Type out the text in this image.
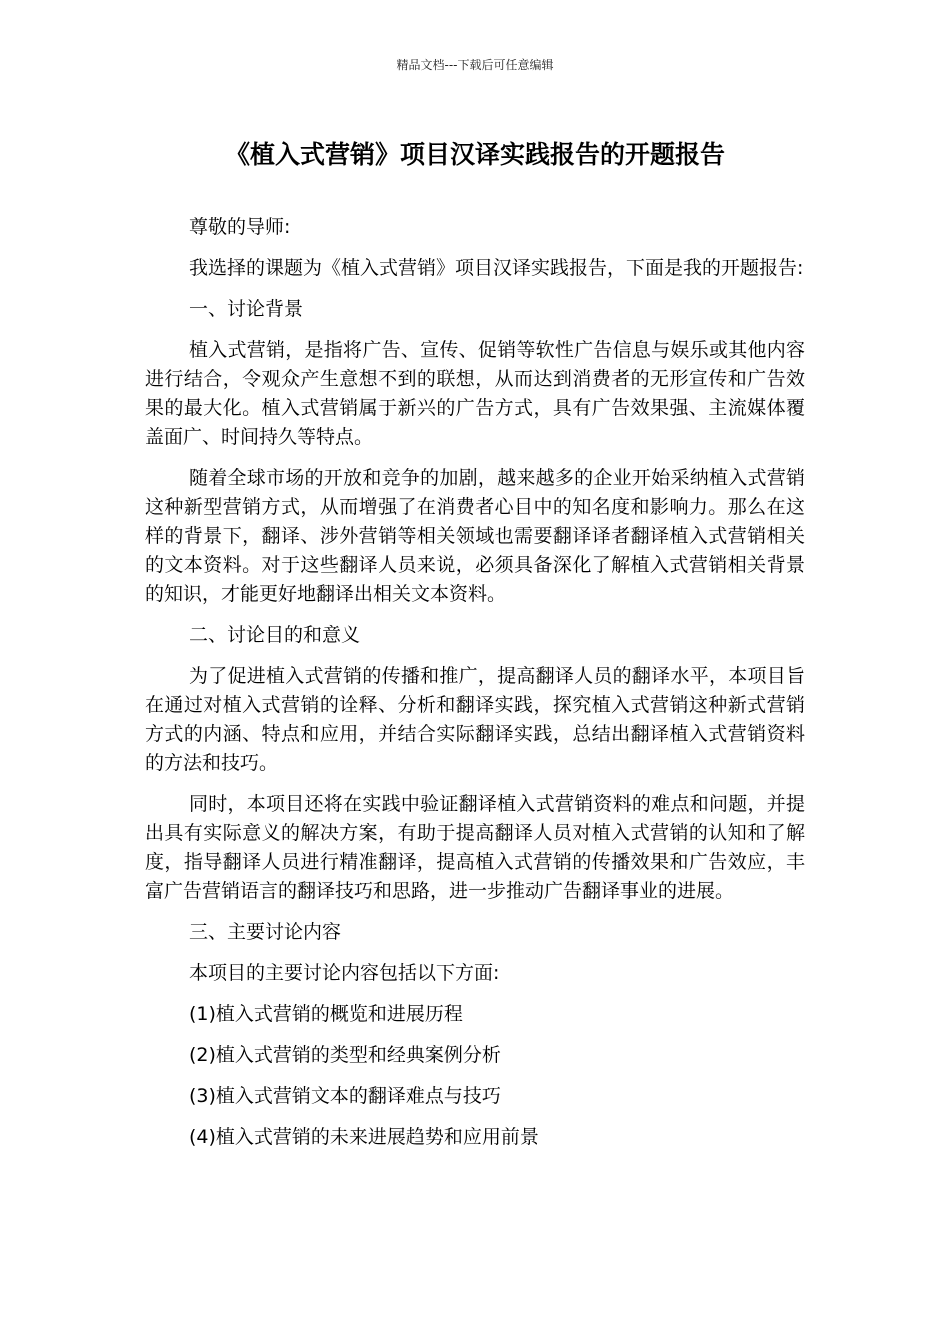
精品文档---下载后可任意编辑
《植入式营销》项目汉译实践报告的开题报告

尊敬的导师:

我选择的课题为《植入式营销》项目汉译实践报告，下面是我的开题报告:

一、讨论背景

植入式营销，是指将广告、宣传、促销等软性广告信息与娱乐或其他内容进行结合，令观众产生意想不到的联想，从而达到消费者的无形宣传和广告效果的最大化。植入式营销属于新兴的广告方式，具有广告效果强、主流媒体覆盖面广、时间持久等特点。

随着全球市场的开放和竞争的加剧，越来越多的企业开始采纳植入式营销这种新型营销方式，从而增强了在消费者心目中的知名度和影响力。那么在这样的背景下，翻译、涉外营销等相关领域也需要翻译译者翻译植入式营销相关的文本资料。对于这些翻译人员来说，必须具备深化了解植入式营销相关背景的知识，才能更好地翻译出相关文本资料。

二、讨论目的和意义

为了促进植入式营销的传播和推广，提高翻译人员的翻译水平，本项目旨在通过对植入式营销的诠释、分析和翻译实践，探究植入式营销这种新式营销方式的内涵、特点和应用，并结合实际翻译实践，总结出翻译植入式营销资料的方法和技巧。

同时，本项目还将在实践中验证翻译植入式营销资料的难点和问题，并提出具有实际意义的解决方案，有助于提高翻译人员对植入式营销的认知和了解度，指导翻译人员进行精准翻译，提高植入式营销的传播效果和广告效应，丰富广告营销语言的翻译技巧和思路，进一步推动广告翻译事业的进展。

三、主要讨论内容

本项目的主要讨论内容包括以下方面:

(1)植入式营销的概览和进展历程

(2)植入式营销的类型和经典案例分析

(3)植入式营销文本的翻译难点与技巧

(4)植入式营销的未来进展趋势和应用前景
